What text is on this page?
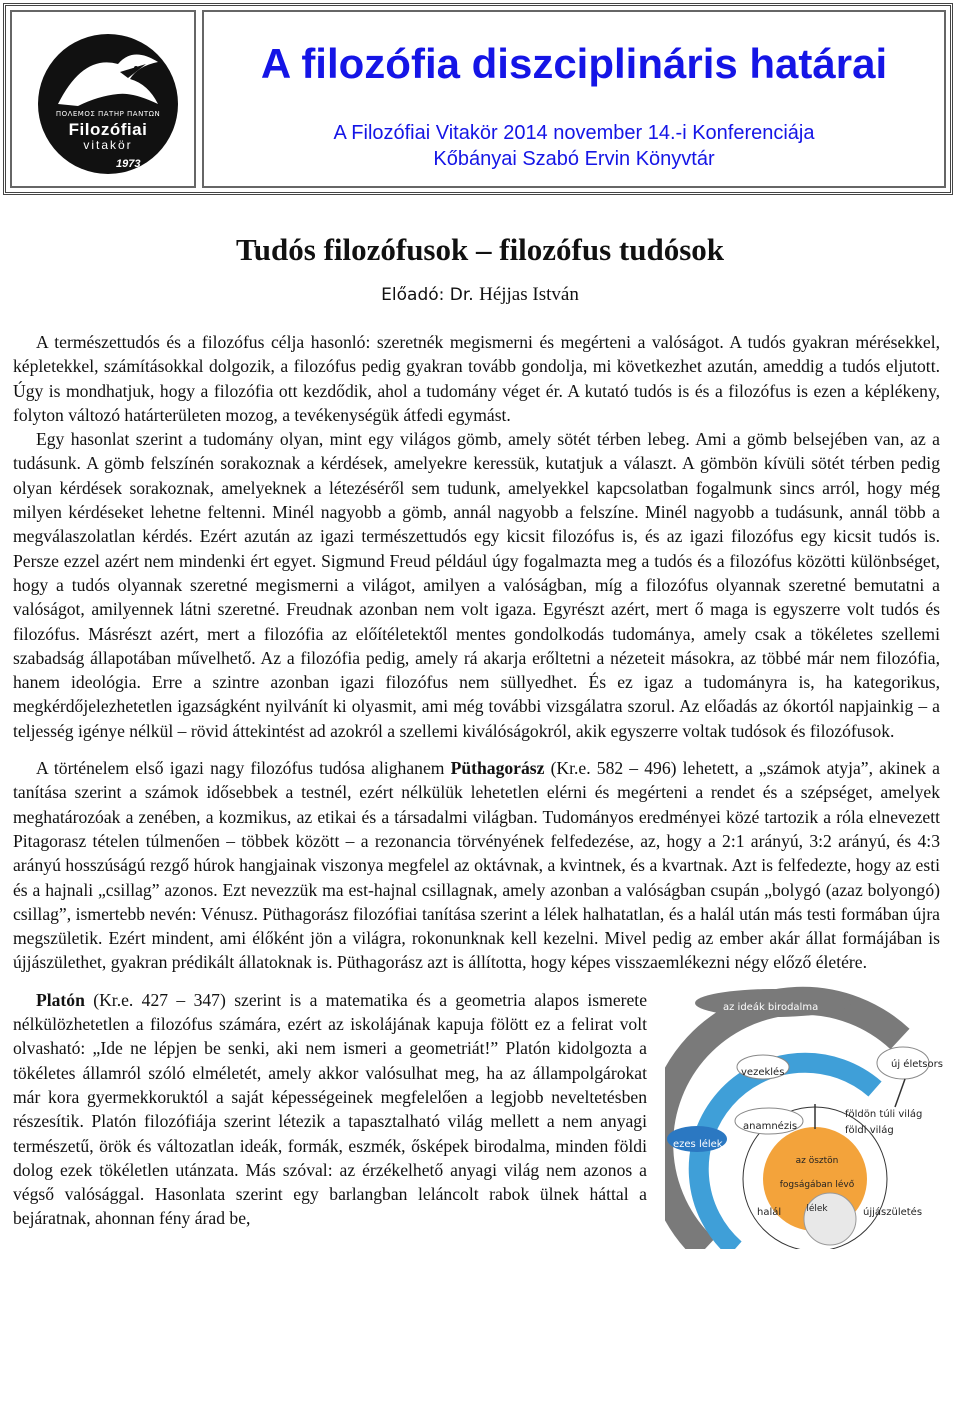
ΠΟΛΕΜΟΣ ΠΑΤΗΡ ΠΑΝΤΩΝ
Filozófiai
vitakör
1973
A filozófia diszciplináris határai
A Filozófiai Vitakör 2014 november 14.-i Konferenciája
Kőbányai Szabó Ervin Könyvtár
Tudós filozófusok – filozófus tudósok
Előadó: Dr. Héjjas István

A természettudós és a filozófus célja hasonló: szeretnék megismerni és megérteni a valóságot. A tudós gyakran mérésekkel, képletekkel, számításokkal dolgozik, a filozófus pedig gyakran tovább gondolja, mi következhet azután, ameddig a tudós eljutott. Úgy is mondhatjuk, hogy a filozófia ott kezdődik, ahol a tudomány véget ér. A kutató tudós is és a filozófus is ezen a képlékeny, folyton változó határterületen mozog, a tevékenységük átfedi egymást.

Egy hasonlat szerint a tudomány olyan, mint egy világos gömb, amely sötét térben lebeg. Ami a gömb belsejében van, az a tudásunk. A gömb felszínén sorakoznak a kérdések, amelyekre keressük, kutatjuk a választ. A gömbön kívüli sötét térben pedig olyan kérdések sorakoznak, amelyeknek a létezéséről sem tudunk, amelyekkel kapcsolatban fogalmunk sincs arról, hogy még milyen kérdéseket lehetne feltenni. Minél nagyobb a gömb, annál nagyobb a felszíne. Minél nagyobb a tudásunk, annál több a megválaszolatlan kérdés. Ezért azután az igazi természettudós egy kicsit filozófus is, és az igazi filozófus egy kicsit tudós is. Persze ezzel azért nem mindenki ért egyet. Sigmund Freud például úgy fogalmazta meg a tudós és a filozófus közötti különbséget, hogy a tudós olyannak szeretné megismerni a világot, amilyen a valóságban, míg a filozófus olyannak szeretné bemutatni a valóságot, amilyennek látni szeretné. Freudnak azonban nem volt igaza. Egyrészt azért, mert ő maga is egyszerre volt tudós és filozófus. Másrészt azért, mert a filozófia az előítéletektől mentes gondolkodás tudománya, amely csak a tökéletes szellemi szabadság állapotában művelhető. Az a filozófia pedig, amely rá akarja erőltetni a nézeteit másokra, az többé már nem filozófia, hanem ideológia. Erre a szintre azonban igazi filozófus nem süllyedhet. És ez igaz a tudományra is, ha kategorikus, megkérdőjelezhetetlen igazságként nyilvánít ki olyasmit, ami még további vizsgálatra szorul. Az előadás az ókortól napjainkig – a teljesség igénye nélkül – rövid áttekintést ad azokról a szellemi kiválóságokról, akik egyszerre voltak tudósok és filozófusok.

A történelem első igazi nagy filozófus tudósa alighanem Püthagorász (Kr.e. 582 – 496) lehetett, a „számok atyja”, akinek a tanítása szerint a számok idősebbek a testnél, ezért nélkülük lehetetlen elérni és megérteni a rendet és a szépséget, amelyek meghatározóak a zenében, a kozmikus, az etikai és a társadalmi világban. Tudományos eredményei közé tartozik a róla elnevezett Pitagorasz tételen túlmenően – többek között – a rezonancia törvényének felfedezése, az, hogy a 2:1 arányú, 3:2 arányú, és 4:3 arányú hosszúságú rezgő húrok hangjainak viszonya megfelel az oktávnak, a kvintnek, és a kvartnak. Azt is felfedezte, hogy az esti és a hajnali „csillag” azonos. Ezt nevezzük ma est-hajnal csillagnak, amely azonban a valóságban csupán „bolygó (azaz bolyongó) csillag”, ismertebb nevén: Vénusz. Püthagorász filozófiai tanítása szerint a lélek halhatatlan, és a halál után más testi formában újra megszületik. Ezért mindent, ami élőként jön a világra, rokonunknak kell kezelni. Mivel pedig az ember akár állat formájában is újjászülethet, gyakran prédikált állatoknak is. Püthagorász azt is állította, hogy képes visszaemlékezni négy előző életére.

az ideák birodalma
új életsors
vezeklés
földön túli világ
földi világ
anamnézis
ezes lélek
az ösztön fogságában lévő lélek
halál	újjászületés

Platón (Kr.e. 427 – 347) szerint is a matematika és a geometria alapos ismerete nélkülözhetetlen a filozófus számára, ezért az iskolájának kapuja fölött ez a felirat volt olvasható: „Ide ne lépjen be senki, aki nem ismeri a geometriát!” Platón kidolgozta a tökéletes államról szóló elméletét, amely akkor valósulhat meg, ha az állampolgárokat már kora gyermekkoruktól a saját képességeinek megfelelően a legjobb neveltetésben részesítik. Platón filozófiája szerint létezik a tapasztalható világ mellett a nem anyagi természetű, örök és változatlan ideák, formák, eszmék, ősképek birodalma, minden földi dolog ezek tökéletlen utánzata. Más szóval: az érzékelhető anyagi világ nem azonos a végső valósággal. Hasonlata szerint egy barlangban leláncolt rabok ülnek háttal a bejáratnak, ahonnan fény árad be,
